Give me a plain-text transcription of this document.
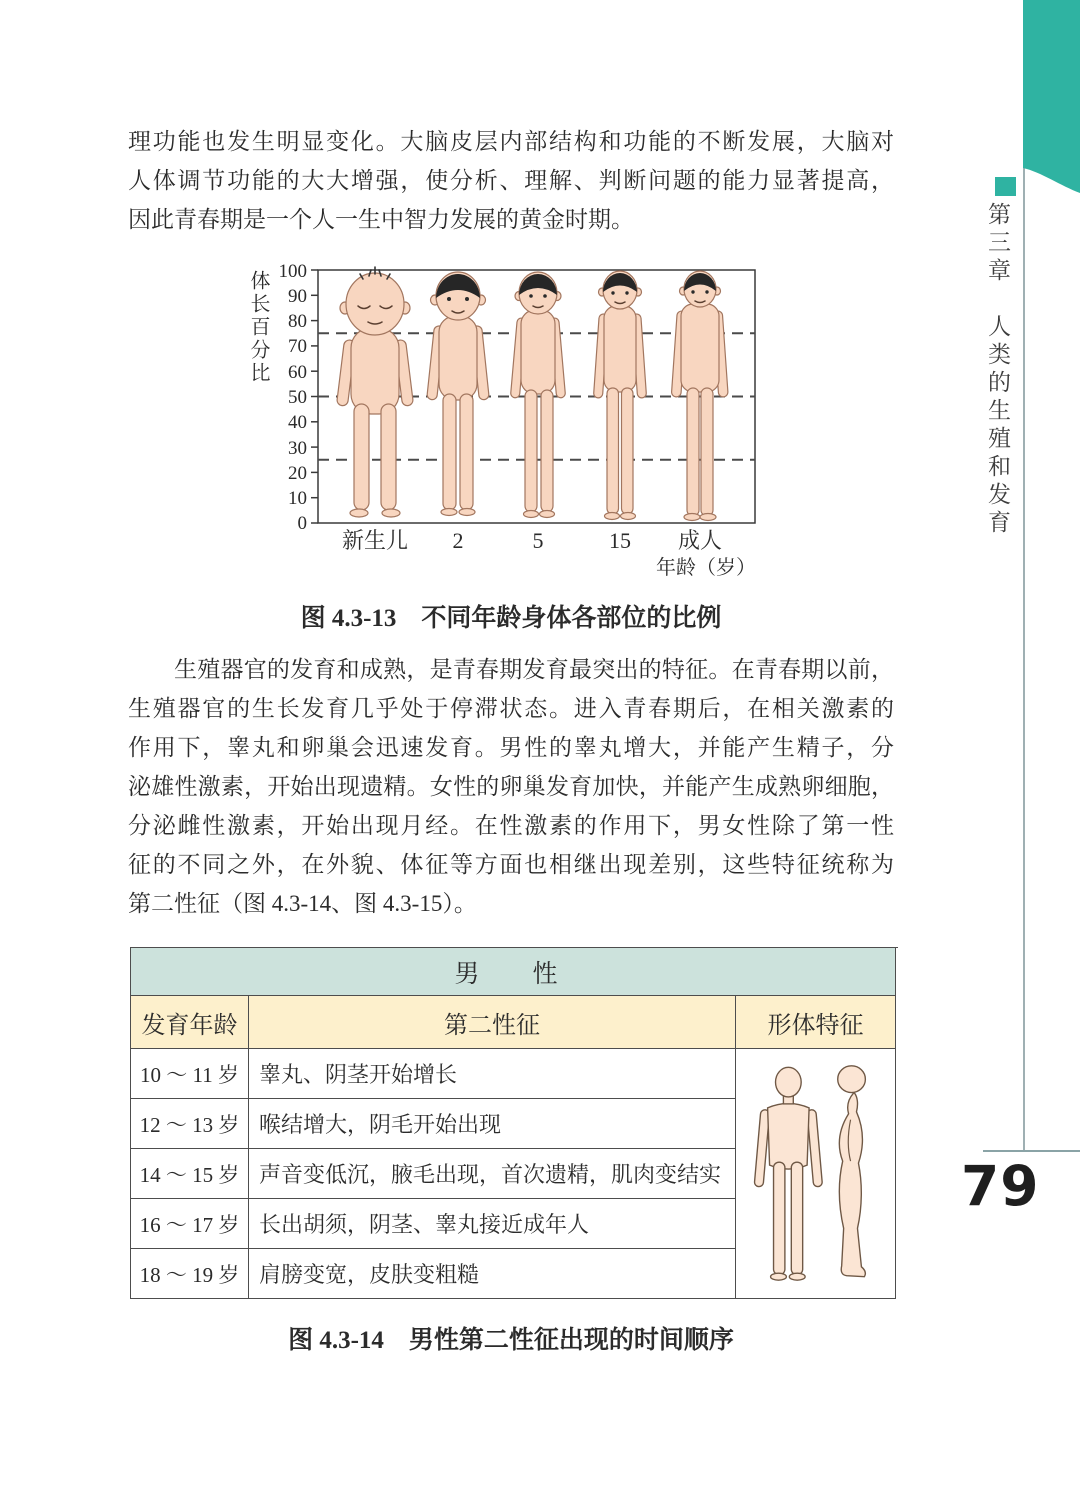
理功能也发生明显变化。大脑皮层内部结构和功能的不断发展，大脑对
人体调节功能的大大增强，使分析、理解、判断问题的能力显著提高，
因此青春期是一个人一生中智力发展的黄金时期。
体长百分比 100
90
80
70
60
50
40
30
20
10
0
新生儿 2	5	15 成人
年龄（岁）
图 4.3-13　不同年龄身体各部位的比例
生殖器官的发育和成熟，是青春期发育最突出的特征。在青春期以前，
生殖器官的生长发育几乎处于停滞状态。进入青春期后，在相关激素的
作用下，睾丸和卵巢会迅速发育。男性的睾丸增大，并能产生精子，分
泌雄性激素，开始出现遗精。女性的卵巢发育加快，并能产生成熟卵细胞，
分泌雌性激素，开始出现月经。在性激素的作用下，男女性除了第一性
征的不同之外，在外貌、体征等方面也相继出现差别，这些特征统称为
第二性征（图 4.3-14、图 4.3-15）。
男　性
发育年龄	第二性征	形体特征
10 ～ 11 岁 睾丸、阴茎开始增长
12 ～ 13 岁 喉结增大，阴毛开始出现
14 ～ 15 岁 声音变低沉，腋毛出现，首次遗精，肌肉变结实
16 ～ 17 岁 长出胡须，阴茎、睾丸接近成年人
18 ～ 19 岁 肩膀变宽，皮肤变粗糙
图 4.3-14　男性第二性征出现的时间顺序
第三章　人类的生殖和发育
79
